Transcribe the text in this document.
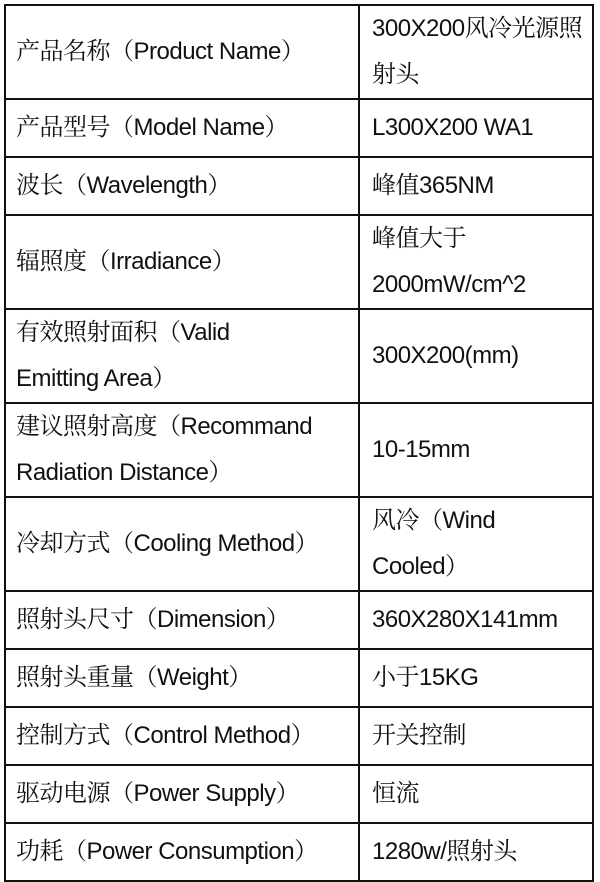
产品名称（Product Name）	300X200风冷光源照射头
产品型号（Model Name）	L300X200 WA1
波长（Wavelength）	峰值365NM
辐照度（Irradiance）	峰值大于2000mW/cm^2

有效照射面积（Valid
Emitting Area）	300X200(mm)

建议照射高度（Recommand
Radiation Distance）	10-15mm
冷却方式（Cooling Method）	风冷（Wind Cooled）
照射头尺寸（Dimension）	360X280X141mm
照射头重量（Weight）	小于15KG
控制方式（Control Method）	开关控制
驱动电源（Power Supply）	恒流
功耗（Power Consumption）	1280w/照射头
